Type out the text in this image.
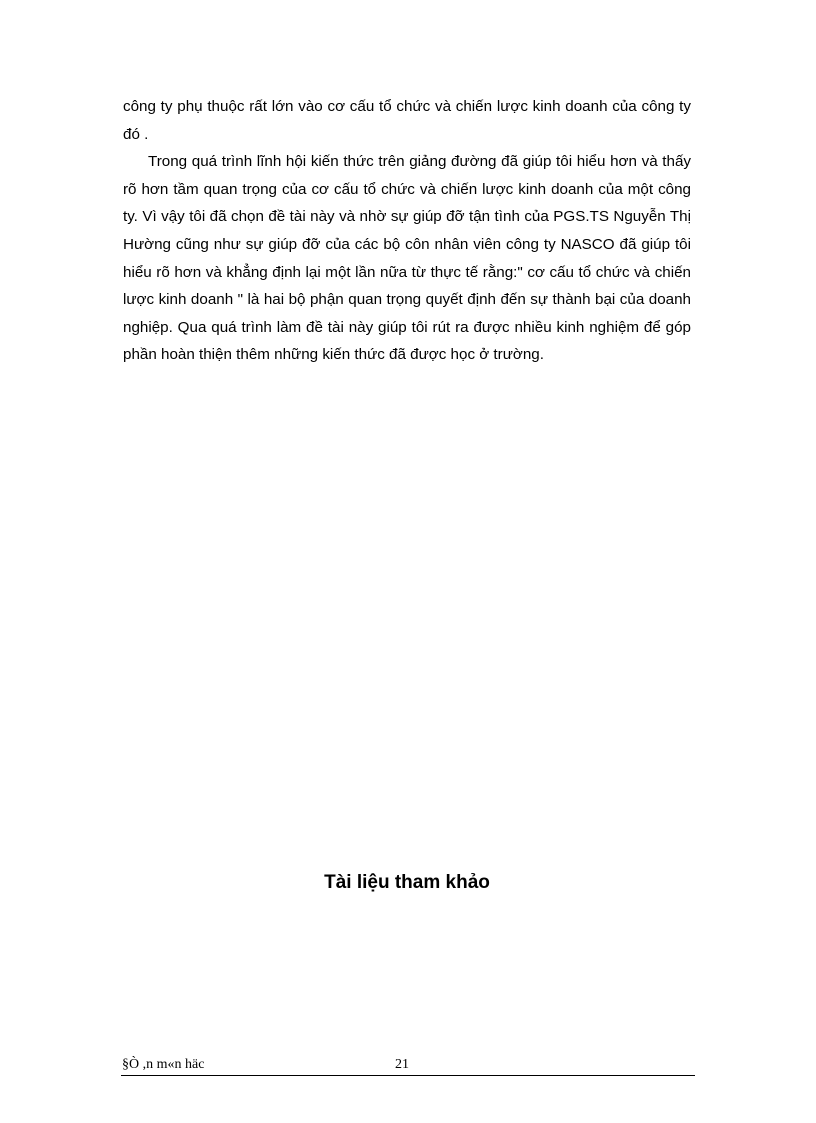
công ty phụ thuộc rất lớn vào cơ cấu tổ chức và chiến lược kinh doanh của công ty đó .

Trong quá trình lĩnh hội kiến thức trên giảng đường đã giúp tôi hiểu hơn và thấy rõ hơn tầm quan trọng của cơ cấu tổ chức và chiến lược kinh doanh của một công ty. Vì vậy tôi đã chọn đề tài này và nhờ sự giúp đỡ tận tình của PGS.TS Nguyễn Thị Hường cũng như sự giúp đỡ của các bộ côn nhân viên công ty NASCO đã giúp tôi hiểu rõ hơn và khẳng định lại một lần nữa từ thực tế rằng:" cơ cấu tổ chức và chiến lược kinh doanh " là hai bộ phận quan trọng quyết định đến sự thành bại của doanh nghiệp. Qua quá trình làm đề tài này giúp tôi rút ra được nhiều kinh nghiệm để góp phần hoàn thiện thêm những kiến thức đã được học ở trường.

Tài liệu tham khảo
§Ò ,n m«n häc	21
